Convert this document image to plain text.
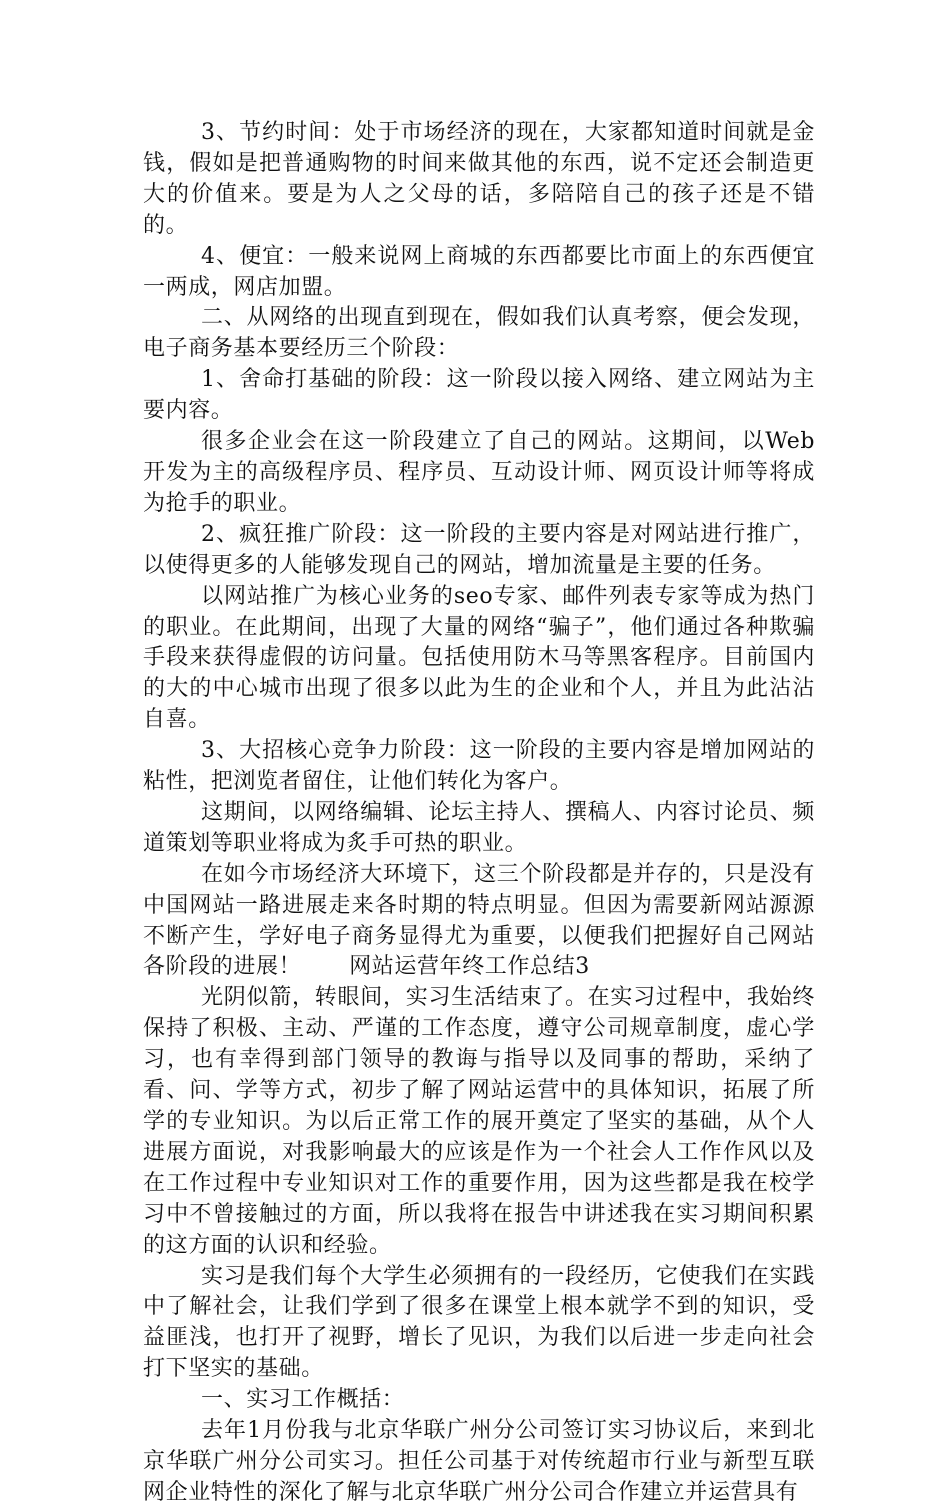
3、节约时间：处于市场经济的现在，大家都知道时间就是金钱，假如是把普通购物的时间来做其他的东西，说不定还会制造更大的价值来。要是为人之父母的话，多陪陪自己的孩子还是不错的。

4、便宜：一般来说网上商城的东西都要比市面上的东西便宜一两成，网店加盟。

二、从网络的出现直到现在，假如我们认真考察，便会发现，电子商务基本要经历三个阶段：

1、舍命打基础的阶段：这一阶段以接入网络、建立网站为主要内容。

很多企业会在这一阶段建立了自己的网站。这期间，以Web开发为主的高级程序员、程序员、互动设计师、网页设计师等将成为抢手的职业。

2、疯狂推广阶段：这一阶段的主要内容是对网站进行推广，以使得更多的人能够发现自己的网站，增加流量是主要的任务。

以网站推广为核心业务的seo专家、邮件列表专家等成为热门的职业。在此期间，出现了大量的网络“骗子”，他们通过各种欺骗手段来获得虚假的访问量。包括使用防木马等黑客程序。目前国内的大的中心城市出现了很多以此为生的企业和个人，并且为此沾沾自喜。

3、大招核心竞争力阶段：这一阶段的主要内容是增加网站的粘性，把浏览者留住，让他们转化为客户。

这期间，以网络编辑、论坛主持人、撰稿人、内容讨论员、频道策划等职业将成为炙手可热的职业。

在如今市场经济大环境下，这三个阶段都是并存的，只是没有中国网站一路进展走来各时期的特点明显。但因为需要新网站源源不断产生，学好电子商务显得尤为重要，以便我们把握好自己网站各阶段的进展！ 网站运营年终工作总结3

光阴似箭，转眼间，实习生活结束了。在实习过程中，我始终保持了积极、主动、严谨的工作态度，遵守公司规章制度，虚心学习，也有幸得到部门领导的教诲与指导以及同事的帮助，采纳了看、问、学等方式，初步了解了网站运营中的具体知识，拓展了所学的专业知识。为以后正常工作的展开奠定了坚实的基础，从个人进展方面说，对我影响最大的应该是作为一个社会人工作作风以及在工作过程中专业知识对工作的重要作用，因为这些都是我在校学习中不曾接触过的方面，所以我将在报告中讲述我在实习期间积累的这方面的认识和经验。

实习是我们每个大学生必须拥有的一段经历，它使我们在实践中了解社会，让我们学到了很多在课堂上根本就学不到的知识，受益匪浅，也打开了视野，增长了见识，为我们以后进一步走向社会打下坚实的基础。

一、实习工作概括：

去年1月份我与北京华联广州分公司签订实习协议后，来到北京华联广州分公司实习。担任公司基于对传统超市行业与新型互联网企业特性的深化了解与北京华联广州分公司合作建立并运营具有
